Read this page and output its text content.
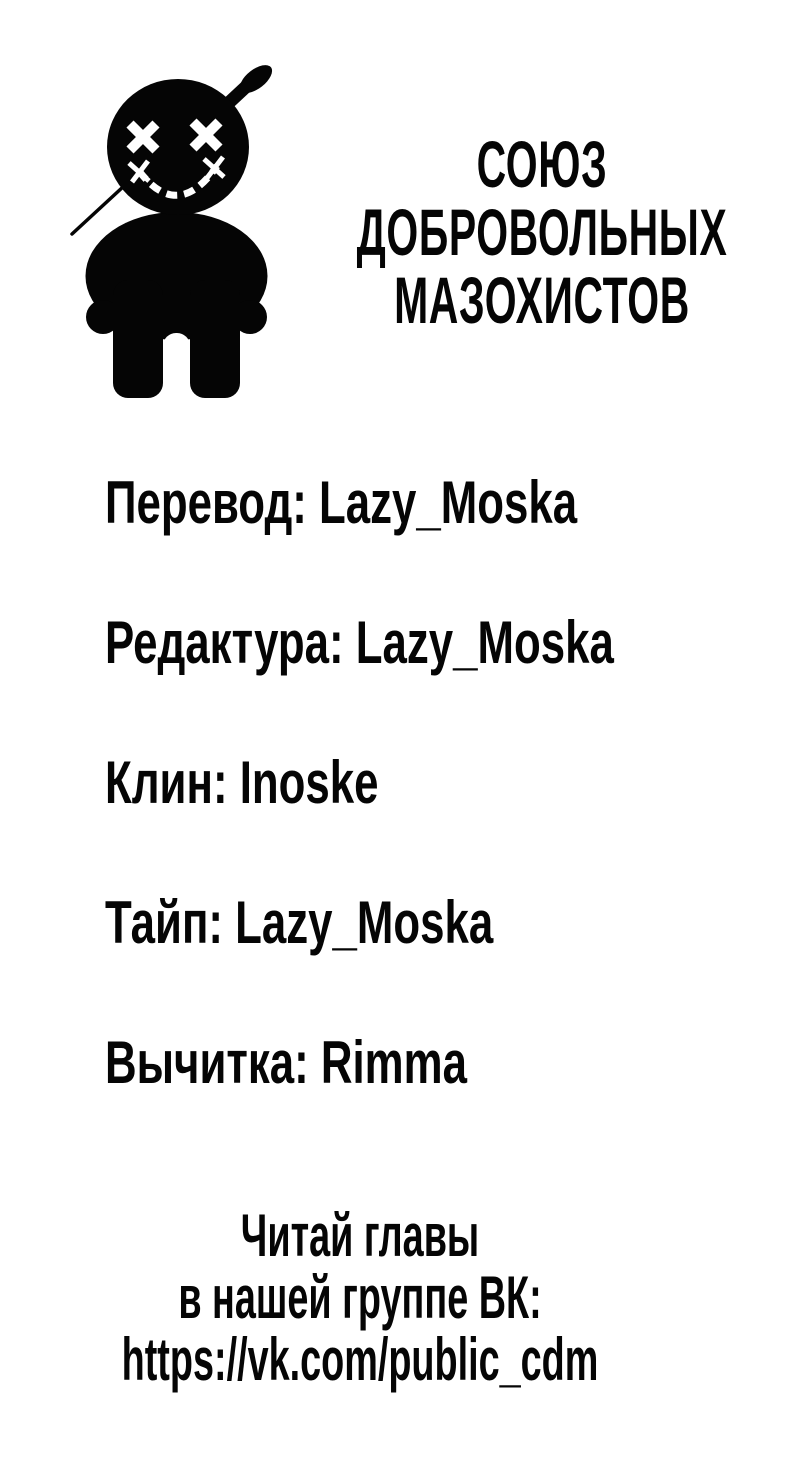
СОЮЗ
ДОБРОВОЛЬНЫХ
МАЗОХИСТОВ
Перевод: Lazy_Moska
Редактура: Lazy_Moska
Клин: Inoske
Тайп: Lazy_Moska
Вычитка: Rimma
Читай главы
в нашей группе ВК:
https://vk.com/public_cdm
